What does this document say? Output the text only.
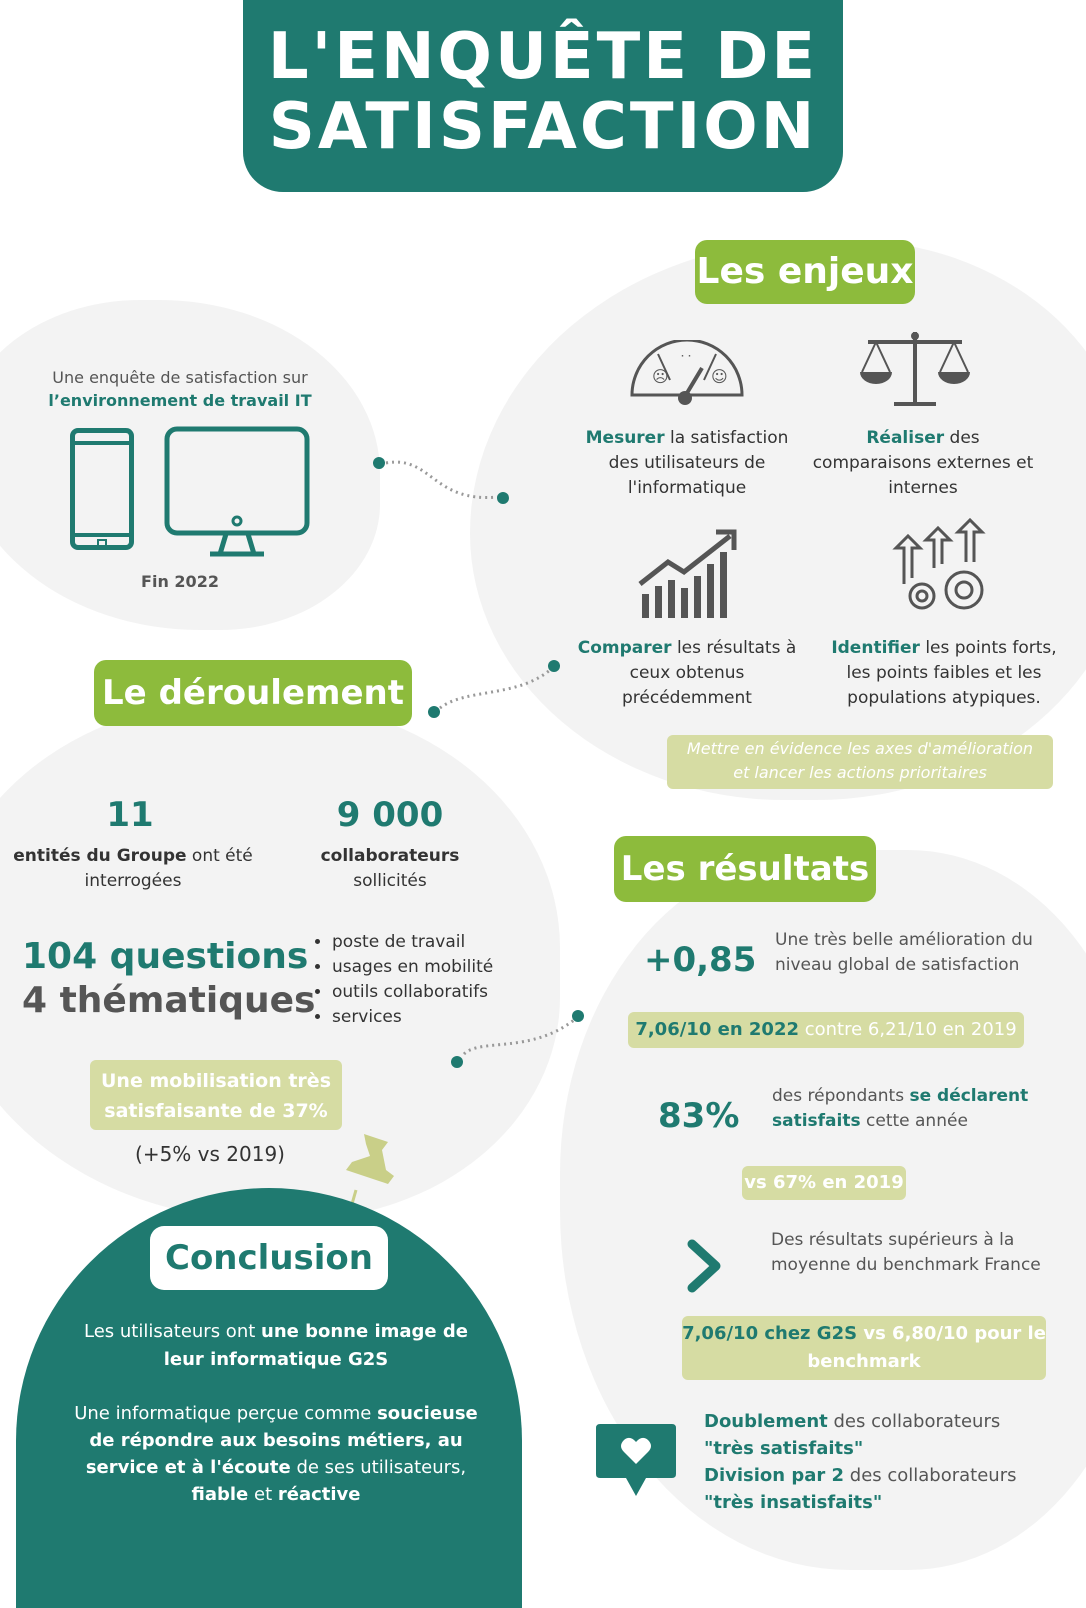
L'ENQUÊTE DE
SATISFACTION
Une enquête de satisfaction sur
l’environnement de travail IT
Fin 2022
Les enjeux
☹
˙˙
☺
Mesurer la satisfaction des utilisateurs de l'informatique
Réaliser des comparaisons externes et internes
Comparer les résultats à ceux obtenus précédemment
Identifier les points forts, les points faibles et les populations atypiques.
Mettre en évidence les axes d'amélioration
et lancer les actions prioritaires
Le déroulement
11
entités du Groupe ont été interrogées
9 000
collaborateurs
sollicités
104 questions
4 thématiques
• poste de travail
• usages en mobilité
• outils collaboratifs
• services
Une mobilisation très
satisfaisante de 37%
(+5% vs 2019)
Conclusion
Les utilisateurs ont une bonne image de leur informatique G2S
Une informatique perçue comme soucieuse de répondre aux besoins métiers, au service et à l'écoute de ses utilisateurs, fiable et réactive
Les résultats
+0,85 Une très belle amélioration du niveau global de satisfaction
7,06/10 en 2022 contre 6,21/10 en 2019
83% des répondants se déclarent satisfaits cette année
vs 67% en 2019
Des résultats supérieurs à la moyenne du benchmark France
7,06/10 chez G2S vs 6,80/10 pour le benchmark
Doublement des collaborateurs
"très satisfaits"
Division par 2 des collaborateurs
"très insatisfaits"
